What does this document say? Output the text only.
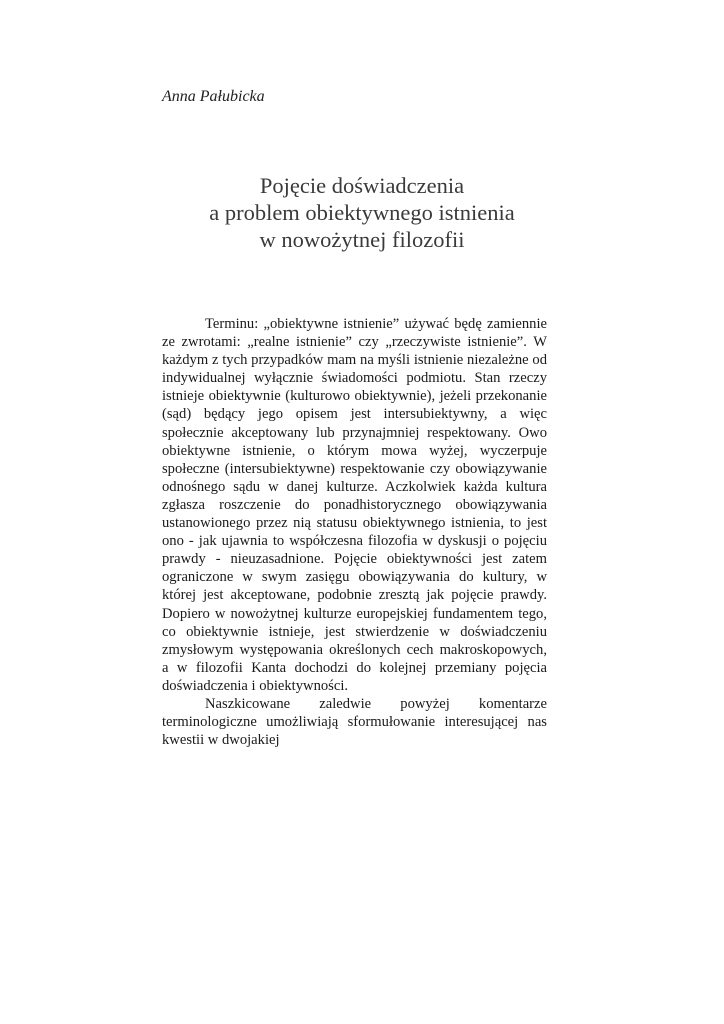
Anna Pałubicka

Pojęcie doświadczenia
a problem obiektywnego istnienia
w nowożytnej filozofii

Terminu: „obiektywne istnienie” używać będę zamiennie ze zwrotami: „realne istnienie” czy „rzeczywiste istnienie”. W każdym z tych przypadków mam na myśli istnienie niezależne od indywidualnej wyłącznie świadomości podmiotu. Stan rzeczy istnieje obiektywnie (kulturowo obiektywnie), jeżeli przekonanie (sąd) będący jego opisem jest intersubiektywny, a więc społecznie akceptowany lub przynajmniej respektowany. Owo obiektywne istnienie, o którym mowa wyżej, wyczerpuje społeczne (intersubiektywne) respektowanie czy obowiązywanie odnośnego sądu w danej kulturze. Aczkolwiek każda kultura zgłasza roszczenie do ponadhistorycznego obowiązywania ustanowionego przez nią statusu obiektywnego istnienia, to jest ono - jak ujawnia to współczesna filozofia w dyskusji o pojęciu prawdy - nieuzasadnione. Pojęcie obiektywności jest zatem ograniczone w swym zasięgu obowiązywania do kultury, w której jest akceptowane, podobnie zresztą jak pojęcie prawdy. Dopiero w nowożytnej kulturze europejskiej fundamentem tego, co obiektywnie istnieje, jest stwierdzenie w doświadczeniu zmysłowym występowania określonych cech makroskopowych, a w filozofii Kanta dochodzi do kolejnej przemiany pojęcia doświadczenia i obiektywności.

Naszkicowane zaledwie powyżej komentarze terminologiczne umożliwiają sformułowanie interesującej nas kwestii w dwojakiej
